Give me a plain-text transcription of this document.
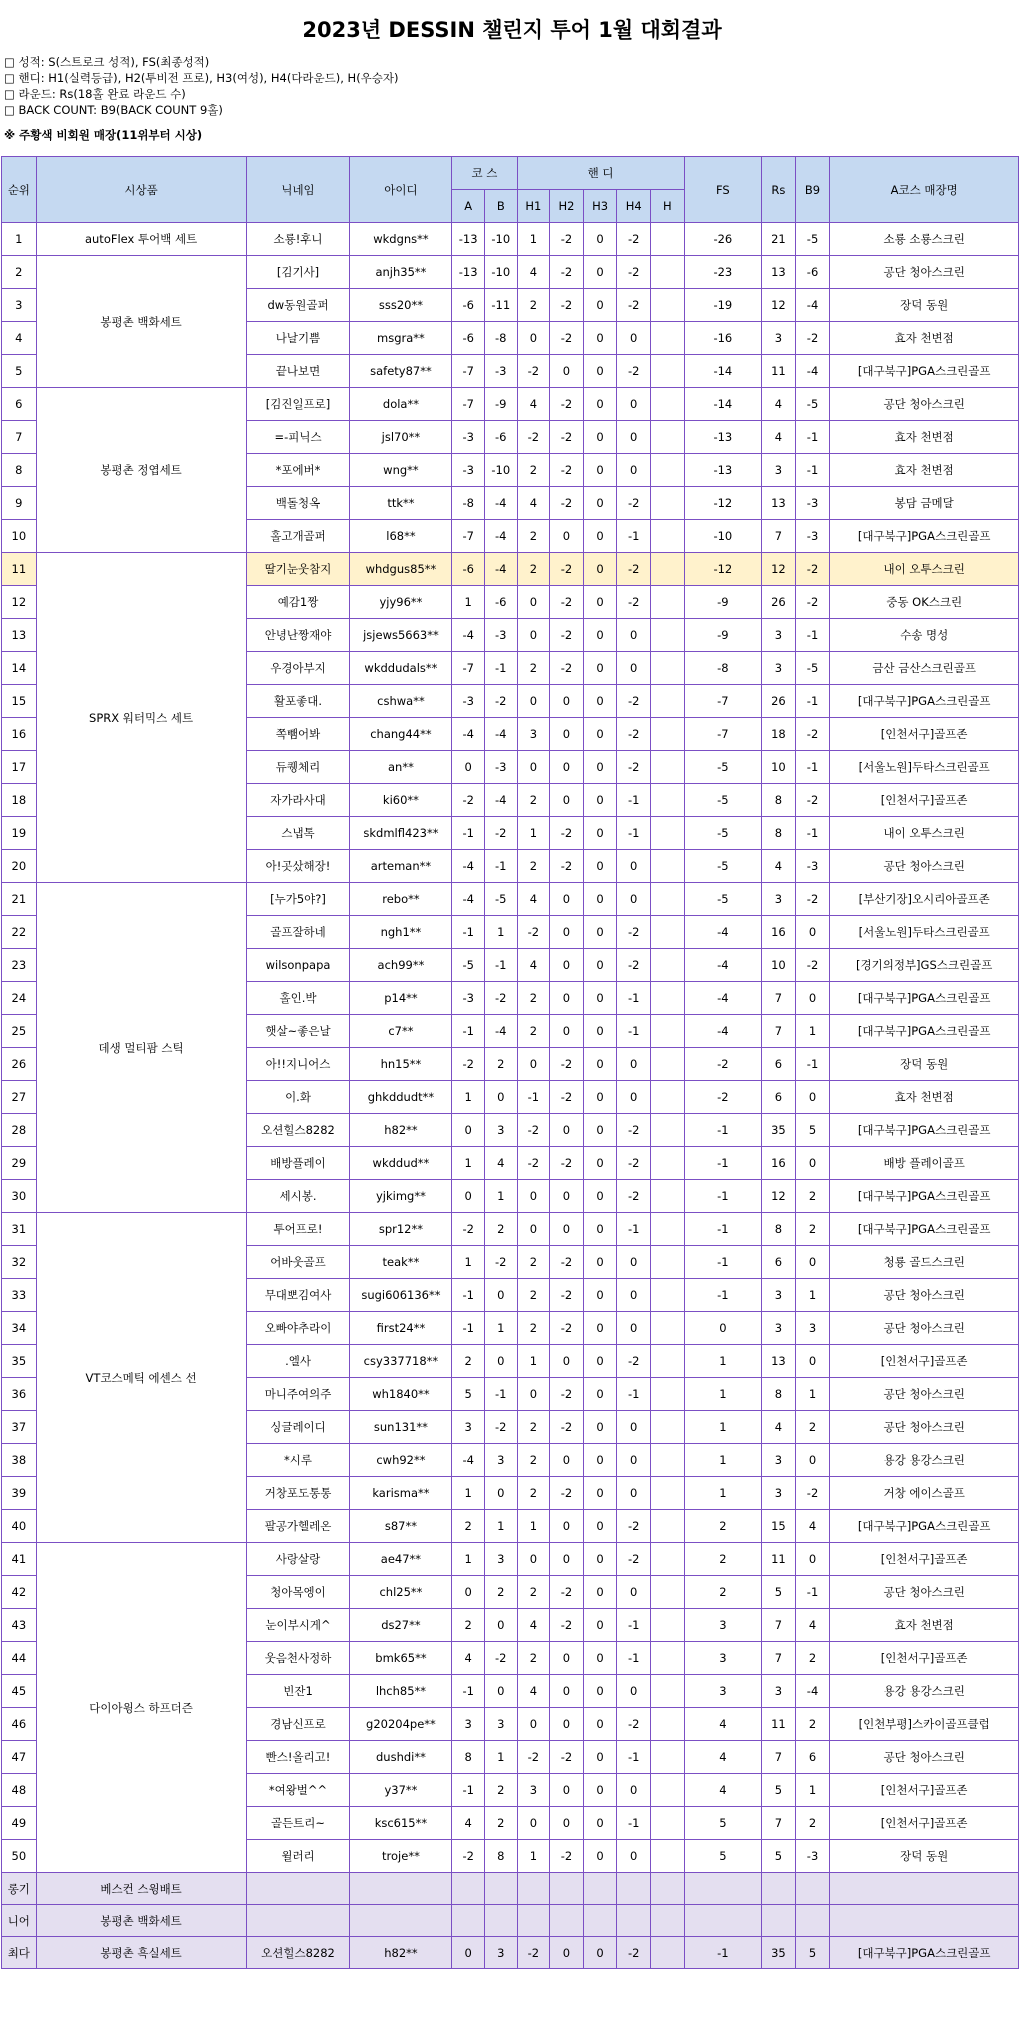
2023년 DESSIN 챌린지 투어 1월 대회결과
□ 성적: S(스트로크 성적), FS(최종성적)
□ 핸디: H1(실력등급), H2(투비전 프로), H3(여성), H4(다라운드), H(우승자)
□ 라운드: Rs(18홀 완료 라운드 수)
□ BACK COUNT: B9(BACK COUNT 9홀)
※ 주황색 비회원 매장(11위부터 시상)
순위	시상품	닉네임	아이디	코 스		핸 디					FS	Rs	B9	A코스 매장명
				A	B	H1	H2	H3	H4	H				
1	autoFlex 투어백 세트	소룡!후니	wkdgns**	-13	-10	1	-2	0	-2		-26	21	-5	소룡 소룡스크린
2	봉평촌 백화세트	[김기사]	anjh35**	-13	-10	4	-2	0	-2		-23	13	-6	공단 청아스크린
3		dw동원골퍼	sss20**	-6	-11	2	-2	0	-2		-19	12	-4	장덕 동원
4		나날기쁨	msgra**	-6	-8	0	-2	0	0		-16	3	-2	효자 천변점
5		끝나보면	safety87**	-7	-3	-2	0	0	-2		-14	11	-4	[대구북구]PGA스크린골프
6	봉평촌 정엽세트	[김진일프로]	dola**	-7	-9	4	-2	0	0		-14	4	-5	공단 청아스크린
7		=-피닉스	jsl70**	-3	-6	-2	-2	0	0		-13	4	-1	효자 천변점
8		*포에버*	wng**	-3	-10	2	-2	0	0		-13	3	-1	효자 천변점
9		백돌청옥	ttk**	-8	-4	4	-2	0	-2		-12	13	-3	봉담 금메달
10		홀고개골퍼	l68**	-7	-4	2	0	0	-1		-10	7	-3	[대구북구]PGA스크린골프
11	SPRX 워터믹스 세트	딸기눈웃참지	whdgus85**	-6	-4	2	-2	0	-2		-12	12	-2	내이 오투스크린
12		예감1짱	yjy96**	1	-6	0	-2	0	-2		-9	26	-2	중동 OK스크린
13		안녕난짱재야	jsjews5663**	-4	-3	0	-2	0	0		-9	3	-1	수송 명성
14		우경아부지	wkddudals**	-7	-1	2	-2	0	0		-8	3	-5	금산 금산스크린골프
15		활포좋대.	cshwa**	-3	-2	0	0	0	-2		-7	26	-1	[대구북구]PGA스크린골프
16		쪽뺌어봐	chang44**	-4	-4	3	0	0	-2		-7	18	-2	[인천서구]골프존
17		듀퀭체리	an**	0	-3	0	0	0	-2		-5	10	-1	[서울노원]두타스크린골프
18		자가라사대	ki60**	-2	-4	2	0	0	-1		-5	8	-2	[인천서구]골프존
19		스냅톡	skdmlfl423**	-1	-2	1	-2	0	-1		-5	8	-1	내이 오투스크린
20		아!곳샀해장!	arteman**	-4	-1	2	-2	0	0		-5	4	-3	공단 청아스크린
21	데생 멀티팜 스틱	[누가5야?]	rebo**	-4	-5	4	0	0	0		-5	3	-2	[부산기장]오시리아골프존
22		골프잘하네	ngh1**	-1	1	-2	0	0	-2		-4	16	0	[서울노원]두타스크린골프
23		wilsonpapa	ach99**	-5	-1	4	0	0	-2		-4	10	-2	[경기의정부]GS스크린골프
24		홀인.박	p14**	-3	-2	2	0	0	-1		-4	7	0	[대구북구]PGA스크린골프
25		햇살~좋은날	c7**	-1	-4	2	0	0	-1		-4	7	1	[대구북구]PGA스크린골프
26		아!!지니어스	hn15**	-2	2	0	-2	0	0		-2	6	-1	장덕 동원
27		이.화	ghkddudt**	1	0	-1	-2	0	0		-2	6	0	효자 천변점
28		오션힐스8282	h82**	0	3	-2	0	0	-2		-1	35	5	[대구북구]PGA스크린골프
29		배방플레이	wkddud**	1	4	-2	-2	0	-2		-1	16	0	배방 플레이골프
30		세시봉.	yjkimg**	0	1	0	0	0	-2		-1	12	2	[대구북구]PGA스크린골프
31	VT코스메틱 에센스 선	투어프로!	spr12**	-2	2	0	0	0	-1		-1	8	2	[대구북구]PGA스크린골프
32		어바웃골프	teak**	1	-2	2	-2	0	0		-1	6	0	청룡 골드스크린
33		무대뽀김여사	sugi606136**	-1	0	2	-2	0	0		-1	3	1	공단 청아스크린
34		오빠야추라이	first24**	-1	1	2	-2	0	0		0	3	3	공단 청아스크린
35		.엘사	csy337718**	2	0	1	0	0	-2		1	13	0	[인천서구]골프존
36		마니주여의주	wh1840**	5	-1	0	-2	0	-1		1	8	1	공단 청아스크린
37		싱글레이디	sun131**	3	-2	2	-2	0	0		1	4	2	공단 청아스크린
38		*시루	cwh92**	-4	3	2	0	0	0		1	3	0	용강 용강스크린
39		거창포도통통	karisma**	1	0	2	-2	0	0		1	3	-2	거창 에이스골프
40		팔공가헬레온	s87**	2	1	1	0	0	-2		2	15	4	[대구북구]PGA스크린골프
41	다이아윙스 하프더즌	사랑살랑	ae47**	1	3	0	0	0	-2		2	11	0	[인천서구]골프존
42		청아목엥이	chl25**	0	2	2	-2	0	0		2	5	-1	공단 청아스크린
43		눈이부시게^	ds27**	2	0	4	-2	0	-1		3	7	4	효자 천변점
44		웃음천사정하	bmk65**	4	-2	2	0	0	-1		3	7	2	[인천서구]골프존
45		빈잔1	lhch85**	-1	0	4	0	0	0		3	3	-4	용강 용강스크린
46		경남신프로	g20204pe**	3	3	0	0	0	-2		4	11	2	[인천부평]스카이골프클럽
47		빤스!올리고!	dushdi**	8	1	-2	-2	0	-1		4	7	6	공단 청아스크린
48		*여왕벌^^	y37**	-1	2	3	0	0	0		4	5	1	[인천서구]골프존
49		골든트리~	ksc615**	4	2	0	0	0	-1		5	7	2	[인천서구]골프존
50		윌러리	troje**	-2	8	1	-2	0	0		5	5	-3	장덕 동원
롱기	베스컨 스윙배트													
니어	봉평촌 백화세트													
최다	봉평촌 흑실세트	오션힐스8282	h82**	0	3	-2	0	0	-2		-1	35	5	[대구북구]PGA스크린골프
